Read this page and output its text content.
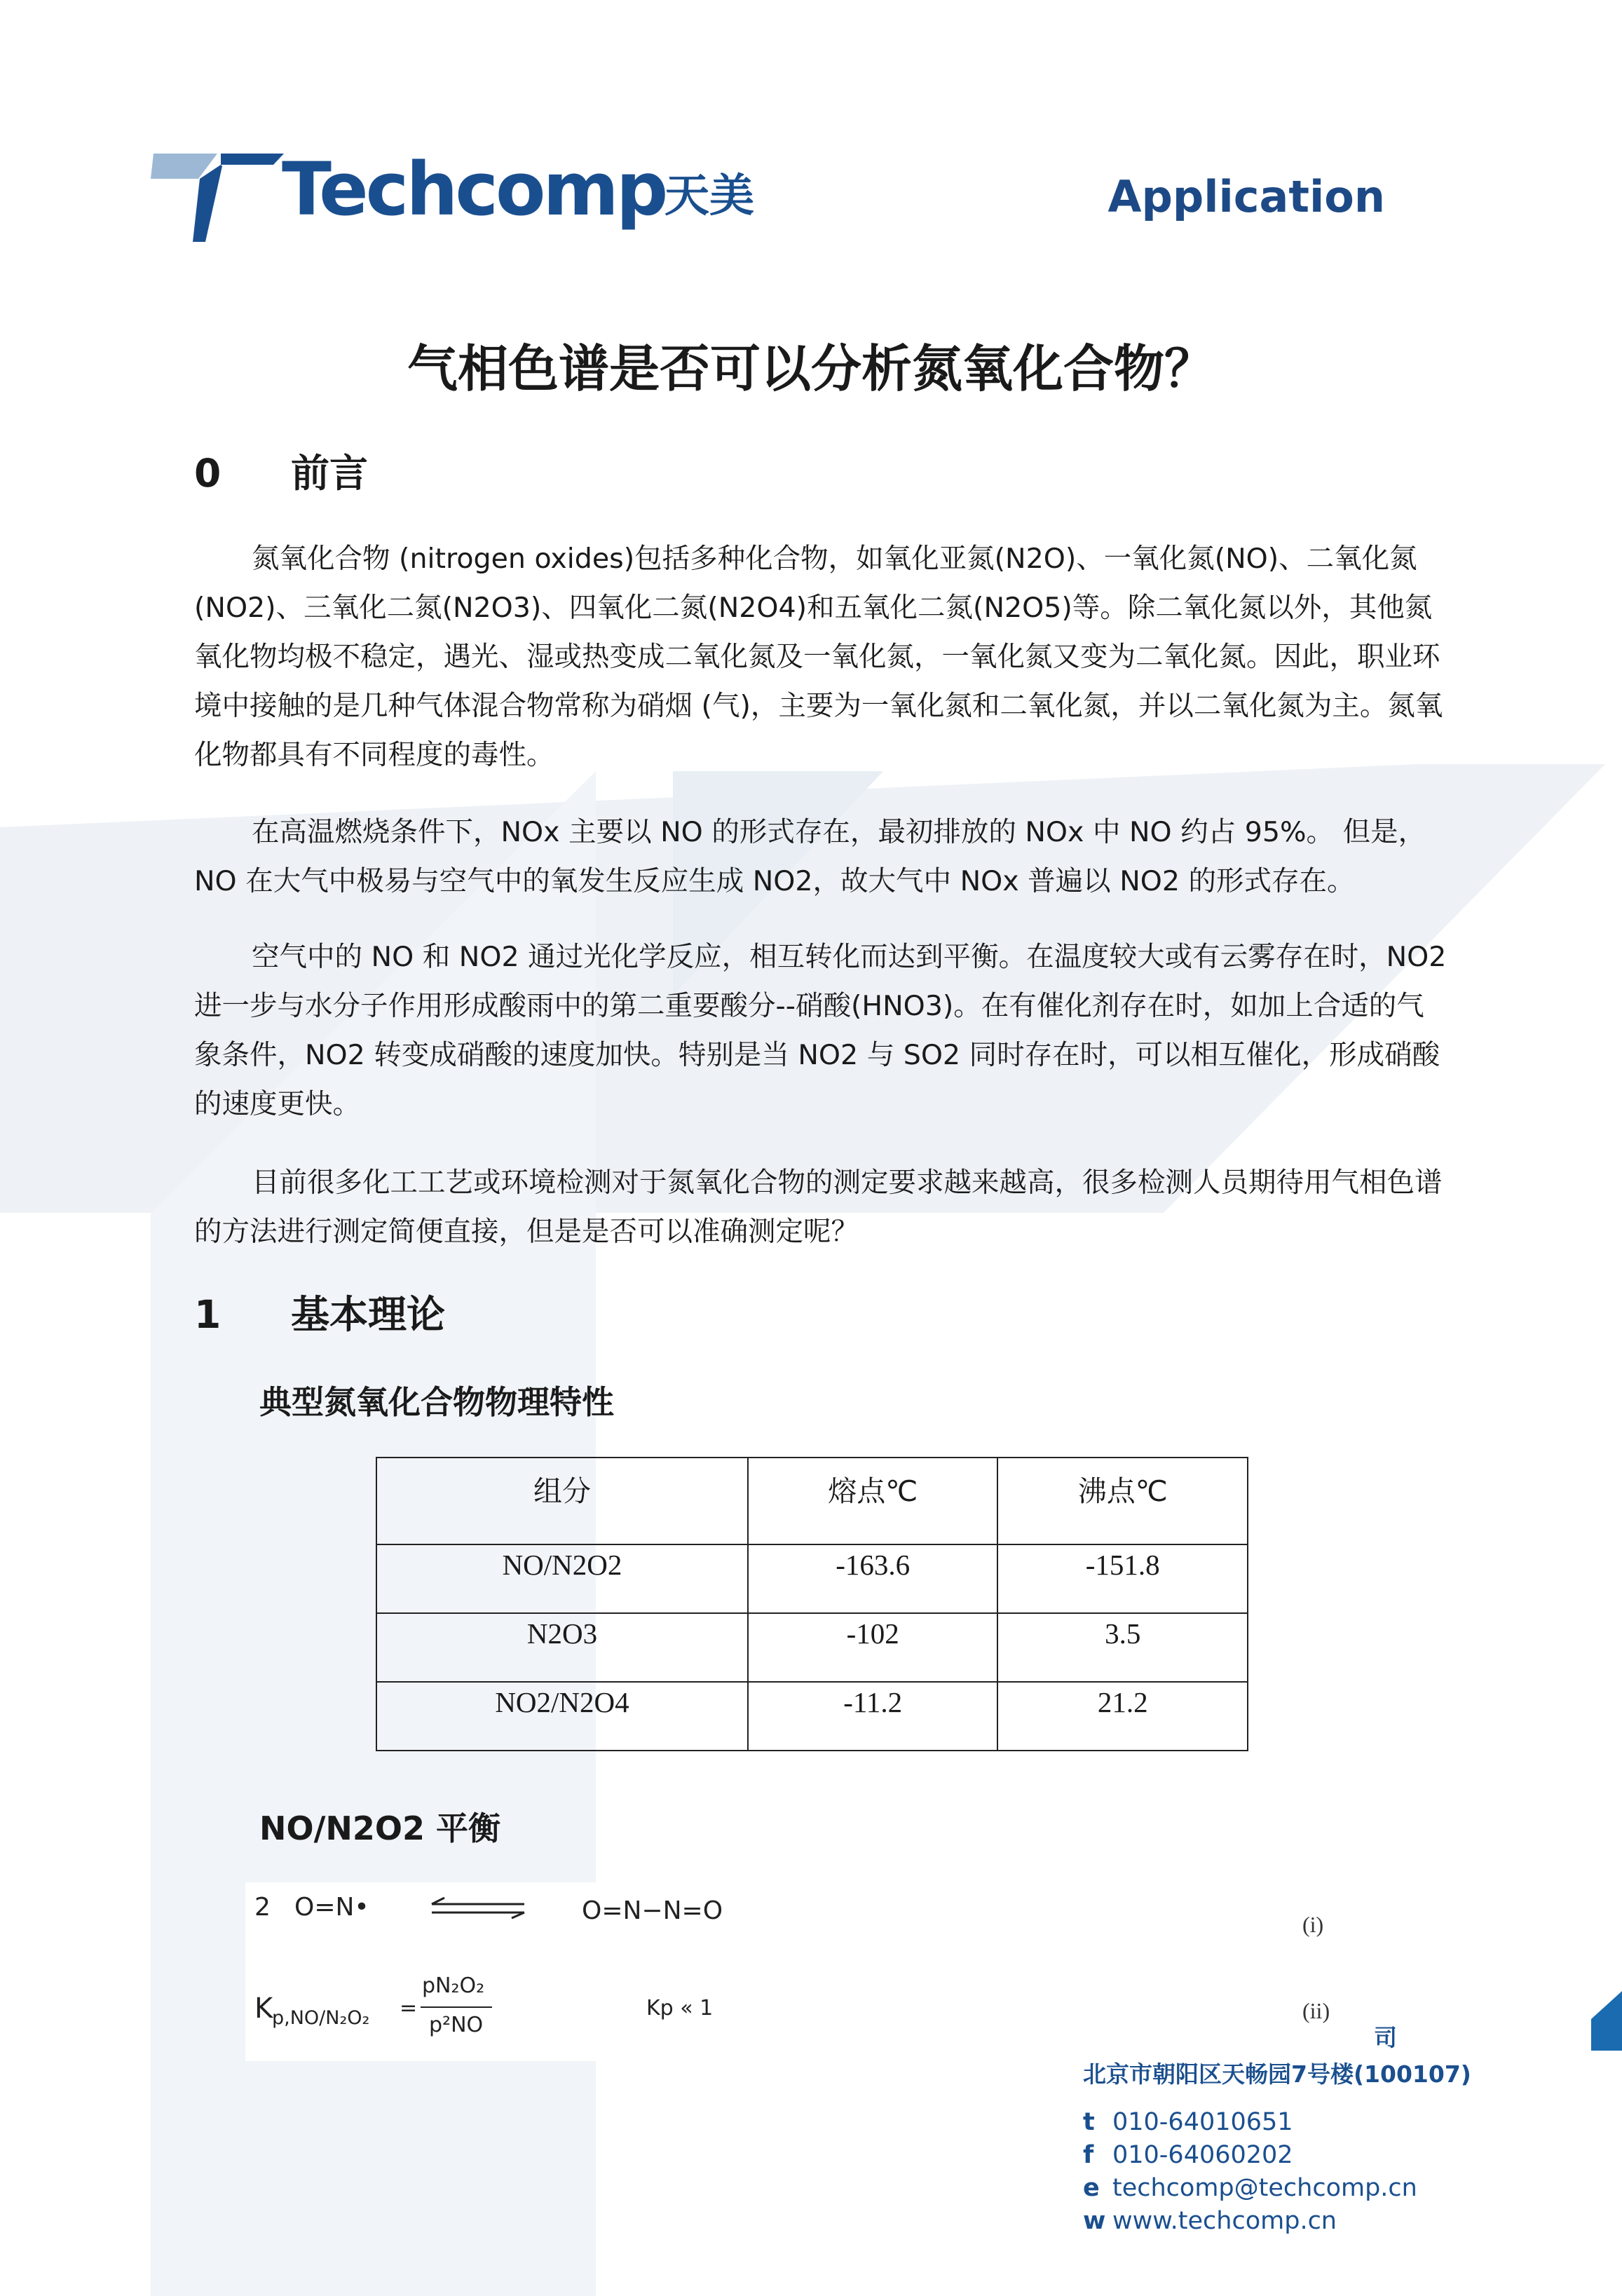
Techcomp
天美	Application
气相色谱是否可以分析氮氧化合物？
0 前言
氮氧化合物 (nitrogen oxides)包括多种化合物，如氧化亚氮(N2O)、一氧化氮(NO)、二氧化氮(NO2)、三氧化二氮(N2O3)、四氧化二氮(N2O4)和五氧化二氮(N2O5)等。除二氧化氮以外，其他氮氧化物均极不稳定，遇光、湿或热变成二氧化氮及一氧化氮，一氧化氮又变为二氧化氮。因此，职业环境中接触的是几种气体混合物常称为硝烟 (气)，主要为一氧化氮和二氧化氮，并以二氧化氮为主。氮氧化物都具有不同程度的毒性。
在高温燃烧条件下，NOx 主要以 NO 的形式存在，最初排放的 NOx 中 NO 约占 95%。 但是，NO 在大气中极易与空气中的氧发生反应生成 NO2，故大气中 NOx 普遍以 NO2 的形式存在。
空气中的 NO 和 NO2 通过光化学反应，相互转化而达到平衡。在温度较大或有云雾存在时，NO2 进一步与水分子作用形成酸雨中的第二重要酸分--硝酸(HNO3)。在有催化剂存在时，如加上合适的气象条件，NO2 转变成硝酸的速度加快。特别是当 NO2 与 SO2 同时存在时，可以相互催化，形成硝酸的速度更快。
目前很多化工工艺或环境检测对于氮氧化合物的测定要求越来越高，很多检测人员期待用气相色谱的方法进行测定简便直接，但是是否可以准确测定呢？
1 基本理论
典型氮氧化合物物理特性
组分	熔点℃	沸点℃
NO/N2O2	-163.6	-151.8
N2O3	-102	3.5
NO2/N2O4	-11.2	21.2
NO/N2O2 平衡
2 O=N•	O=N−N=O	(i)
K
p,NO/N₂O₂ =
pN₂O₂
p²NO
Kp « 1	(ii)
司
北京市朝阳区天畅园7号楼(100107)
t 010-64010651
f 010-64060202
e techcomp@techcomp.cn
w www.techcomp.cn
